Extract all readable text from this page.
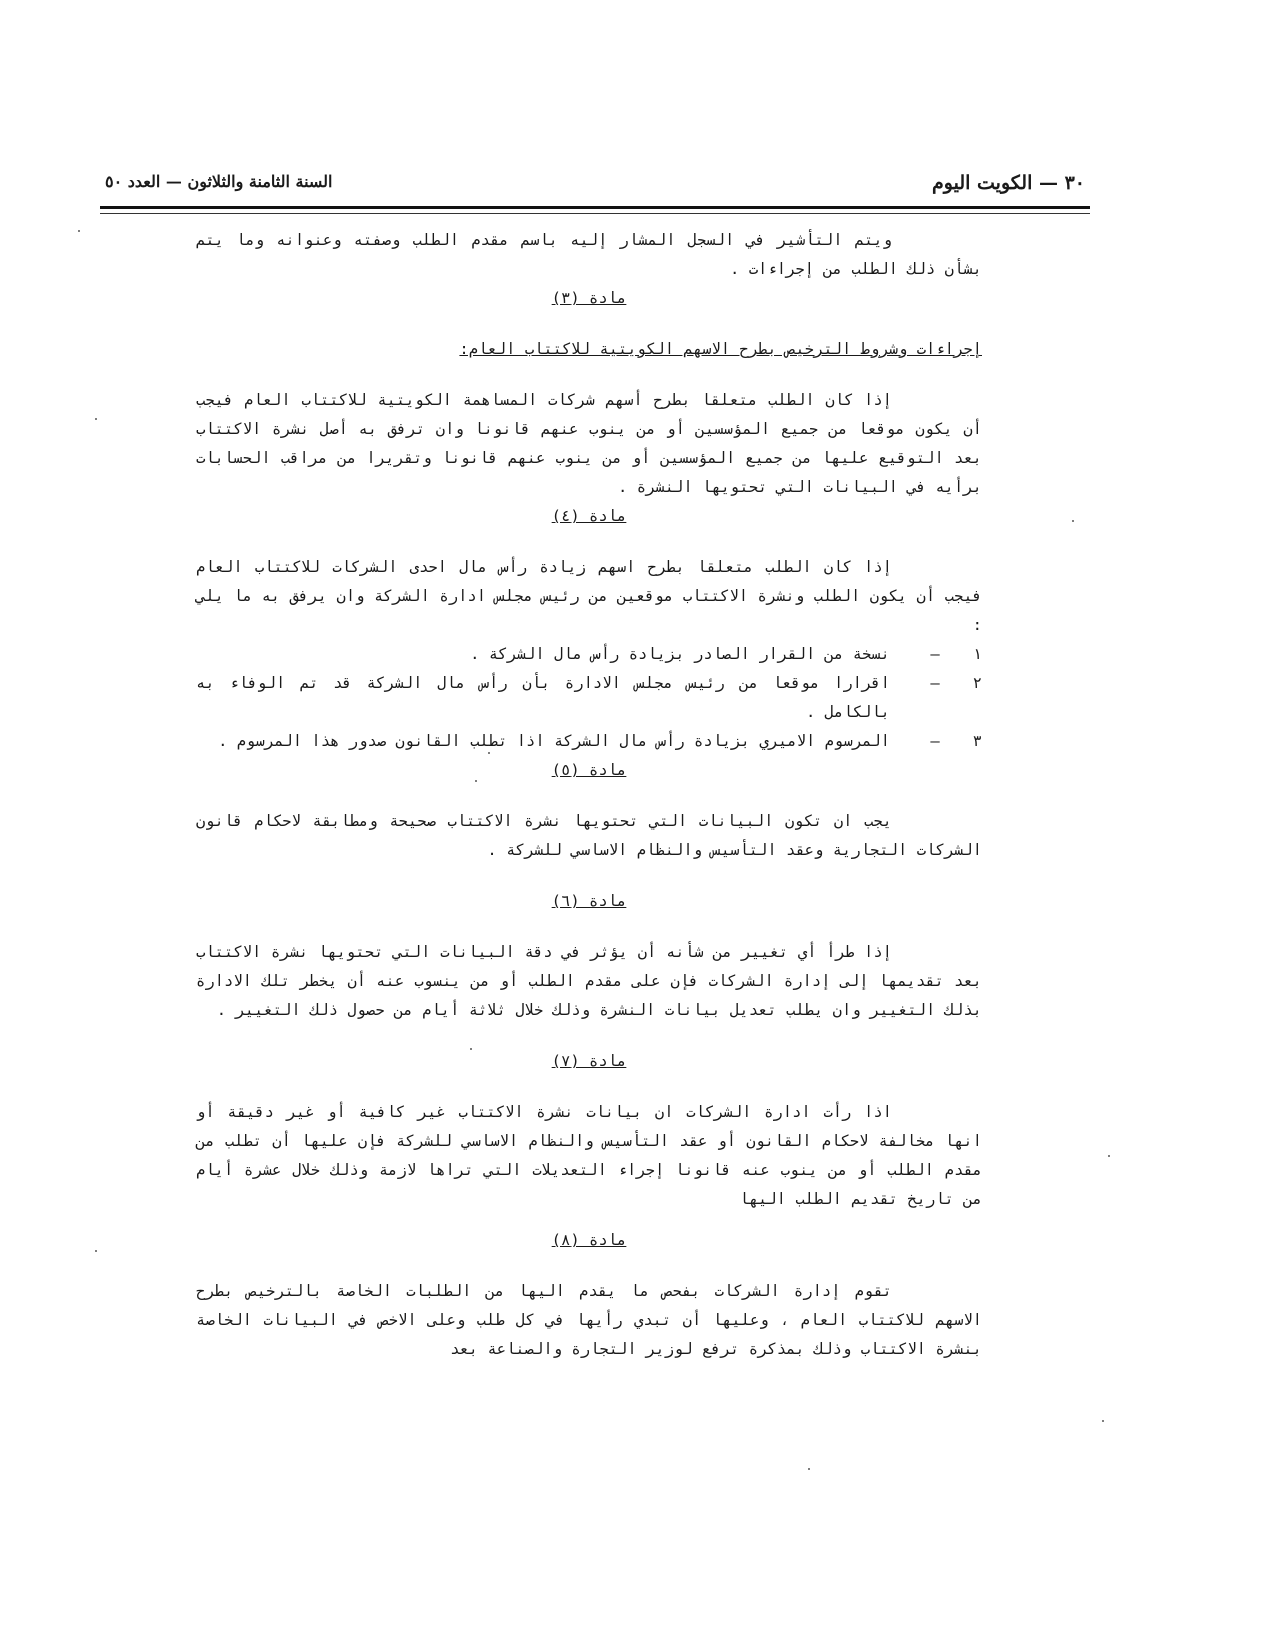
٣٠ — الكويت اليوم
السنة الثامنة والثلاثون — العدد ٥٠

ويتم التأشير في السجل المشار إليه باسم مقدم الطلب وصفته وعنوانه وما يتم بشأن ذلك الطلب من إجراءات .

مادة (٣)

إجراءات وشروط الترخيص بطرح الاسهم الكويتية للاكتتاب العام:

إذا كان الطلب متعلقا بطرح أسهم شركات المساهمة الكويتية للاكتتاب العام فيجب أن يكون موقعا من جميع المؤسسين أو من ينوب عنهم قانونا وان ترفق به أصل نشرة الاكتتاب بعد التوقيع عليها من جميع المؤسسين أو من ينوب عنهم قانونا وتقريرا من مراقب الحسابات برأيه في البيانات التي تحتويها النشرة .

مادة (٤)

إذا كان الطلب متعلقا بطرح اسهم زيادة رأس مال احدى الشركات للاكتتاب العام فيجب أن يكون الطلب ونشرة الاكتتاب موقعين من رئيس مجلس ادارة الشركة وان يرفق به ما يلي :

١
—
نسخة من القرار الصادر بزيادة رأس مال الشركة .
٢
—
اقرارا موقعا من رئيس مجلس الادارة بأن رأس مال الشركة قد تم الوفاء به بالكامل .
٣
—
المرسوم الاميري بزيادة رأس مال الشركة اذا تطلب القانون صدور هذا المرسوم .

مادة (٥)

يجب ان تكون البيانات التي تحتويها نشرة الاكتتاب صحيحة ومطابقة لاحكام قانون الشركات التجارية وعقد التأسيس والنظام الاساسي للشركة .

مادة (٦)

إذا طرأ أي تغيير من شأنه أن يؤثر في دقة البيانات التي تحتويها نشرة الاكتتاب بعد تقديمها إلى إدارة الشركات فإن على مقدم الطلب أو من ينسوب عنه أن يخطر تلك الادارة بذلك التغيير وان يطلب تعديل بيانات النشرة وذلك خلال ثلاثة أيام من حصول ذلك التغيير .

مادة (٧)

اذا رأت ادارة الشركات ان بيانات نشرة الاكتتاب غير كافية أو غير دقيقة أو انها مخالفة لاحكام القانون أو عقد التأسيس والنظام الاساسي للشركة فإن عليها أن تطلب من مقدم الطلب أو من ينوب عنه قانونا إجراء التعديلات التي تراها لازمة وذلك خلال عشرة أيام من تاريخ تقديم الطلب اليها

مادة (٨)

تقوم إدارة الشركات بفحص ما يقدم اليها من الطلبات الخاصة بالترخيص بطرح الاسهم للاكتتاب العام ، وعليها أن تبدي رأيها في كل طلب وعلى الاخص في البيانات الخاصة بنشرة الاكتتاب وذلك بمذكرة ترفع لوزير التجارة والصناعة بعد
